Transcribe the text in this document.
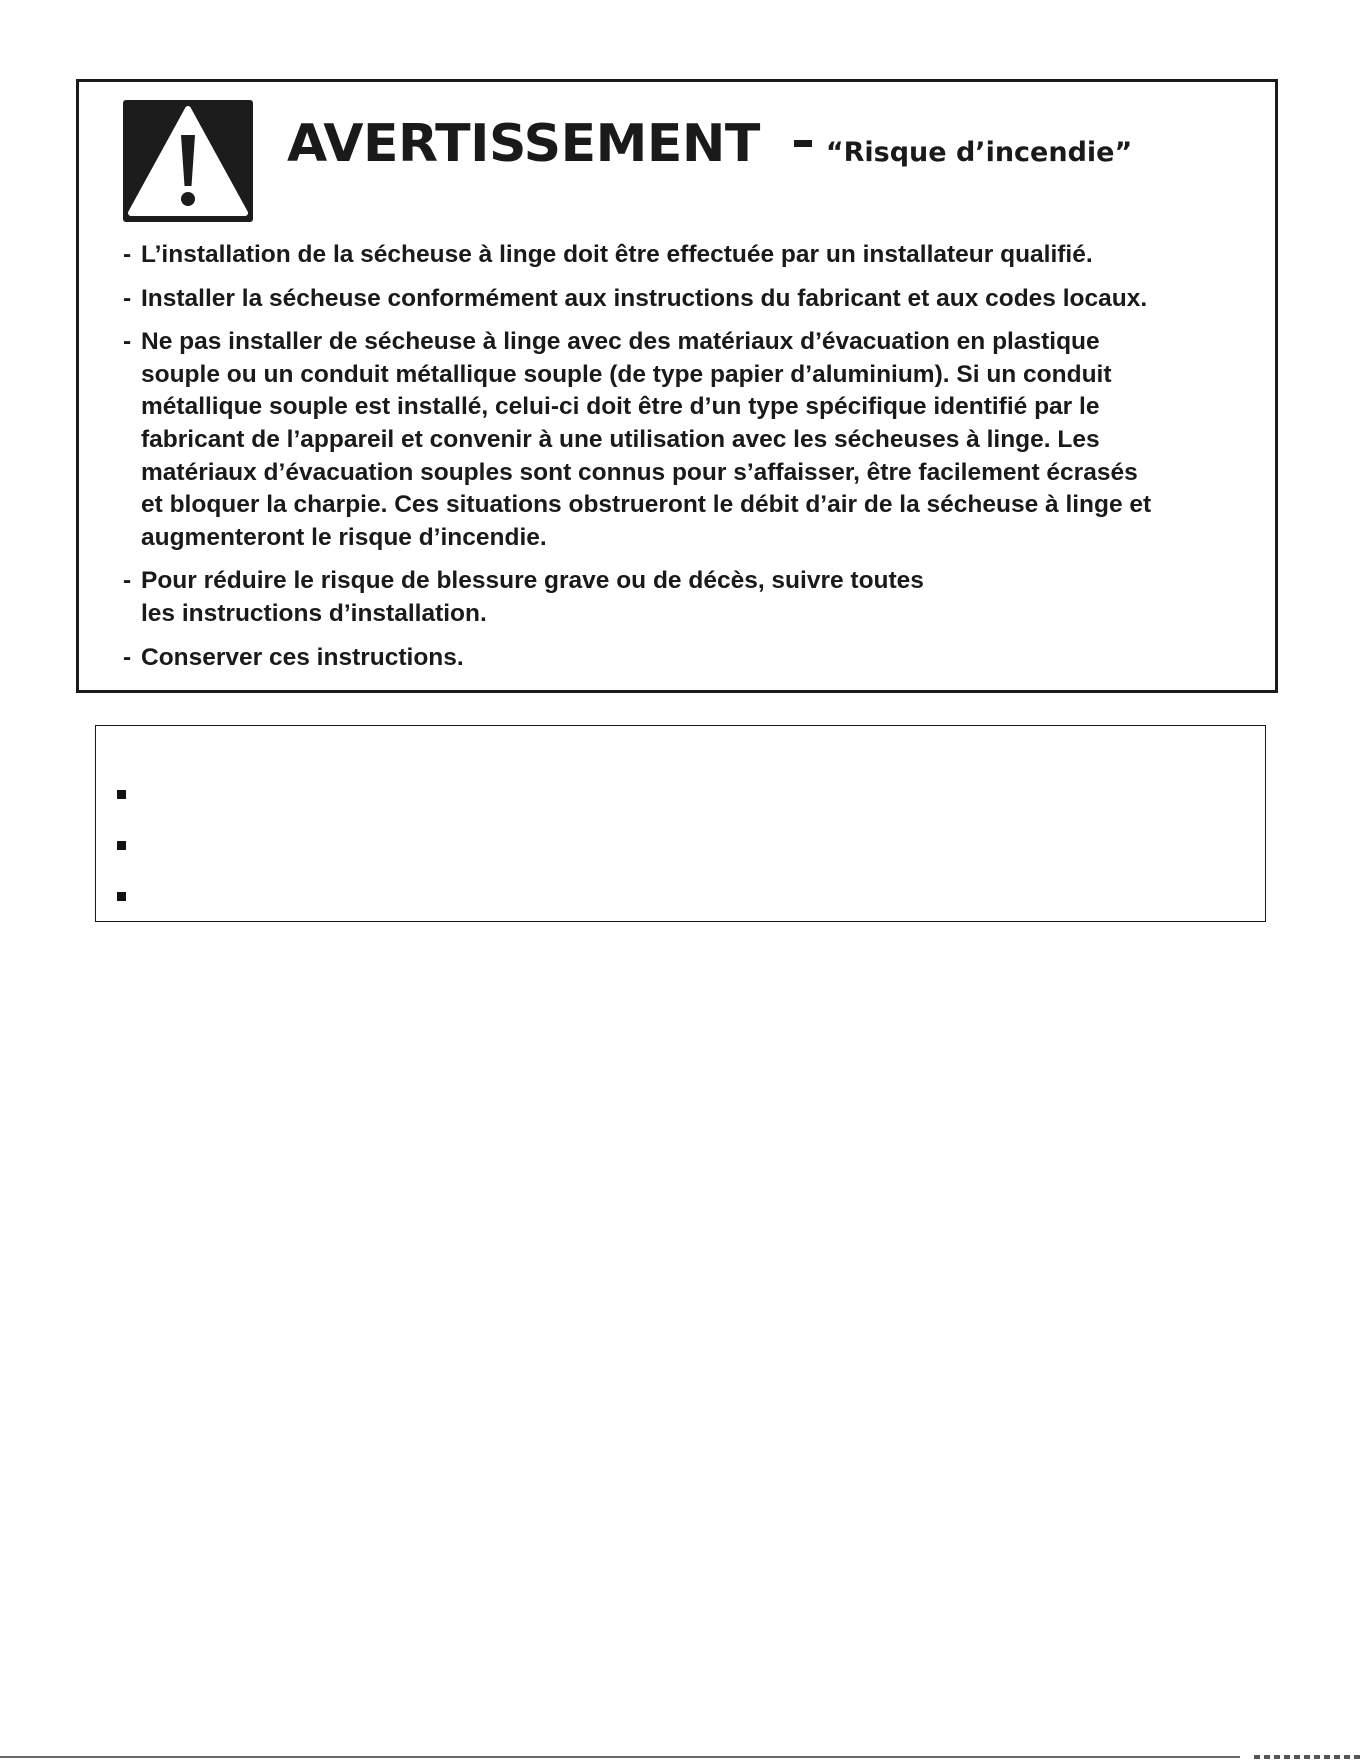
AVERTISSEMENT “Risque d’incendie”
- L’installation de la sécheuse à linge doit être effectuée par un installateur qualifié.
- Installer la sécheuse conformément aux instructions du fabricant et aux codes locaux.
- Ne pas installer de sécheuse à linge avec des matériaux d’évacuation en plastique
souple ou un conduit métallique souple (de type papier d’aluminium). Si un conduit
métallique souple est installé, celui-ci doit être d’un type spécifique identifié par le
fabricant de l’appareil et convenir à une utilisation avec les sécheuses à linge. Les
matériaux d’évacuation souples sont connus pour s’affaisser, être facilement écrasés
et bloquer la charpie. Ces situations obstrueront le débit d’air de la sécheuse à linge et
augmenteront le risque d’incendie.
- Pour réduire le risque de blessure grave ou de décès, suivre toutes
les instructions d’installation.
- Conserver ces instructions.
